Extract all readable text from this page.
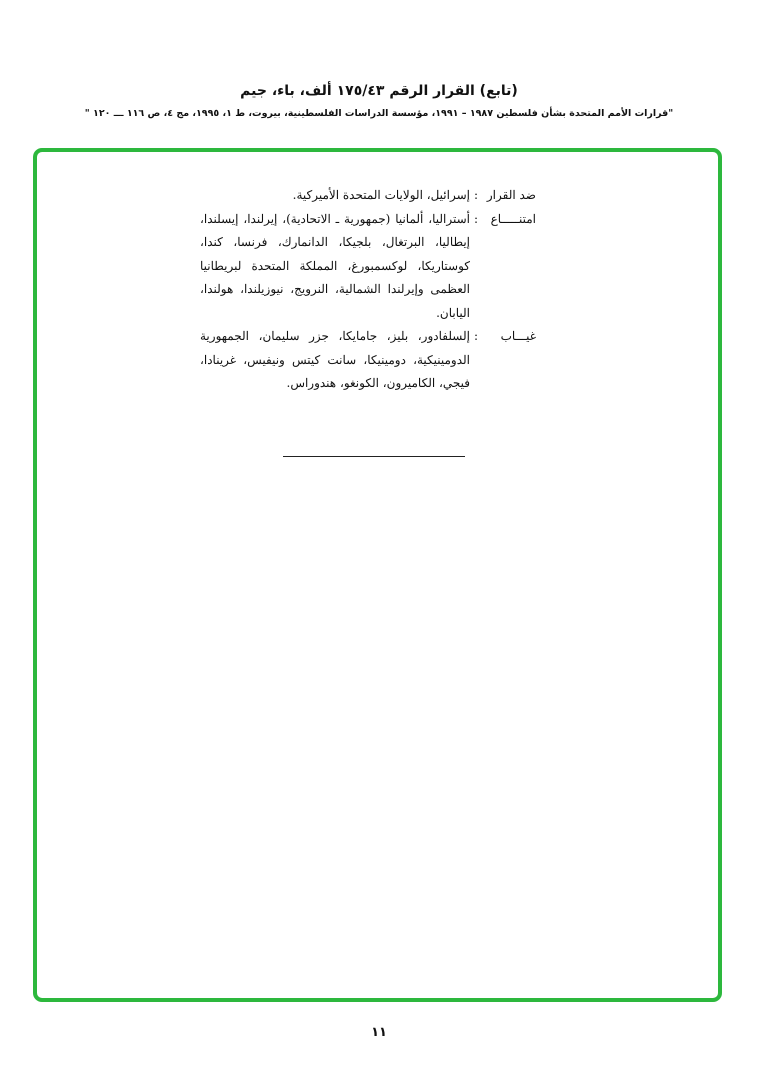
(تابع) القرار الرقم ١٧٥/٤٣ ألف، باء، جيم
"قرارات الأمم المتحدة بشأن فلسطين ١٩٨٧ – ١٩٩١، مؤسسة الدراسات الفلسطينية، بيروت، ط ١، ١٩٩٥، مج ٤، ص ١١٦ ـــ ١٢٠ "
ضد القرار
:
إسرائيل، الولايات المتحدة الأميركية.
امتنـــــاع
:
أستراليا، ألمانيا (جمهورية ـ الاتحادية)، إيرلندا، إيسلندا، إيطاليا، البرتغال، بلجيكا، الدانمارك، فرنسا، كندا، كوستاريكا، لوكسمبورغ، المملكة المتحدة لبريطانيا العظمى وإيرلندا الشمالية، النرويج، نيوزيلندا، هولندا، اليابان.
غيـــاب
:
إلسلفادور، بليز، جامايكا، جزر سليمان، الجمهورية الدومينيكية، دومينيكا، سانت كيتس ونيفيس، غرينادا، فيجي، الكاميرون، الكونغو، هندوراس.
١١
